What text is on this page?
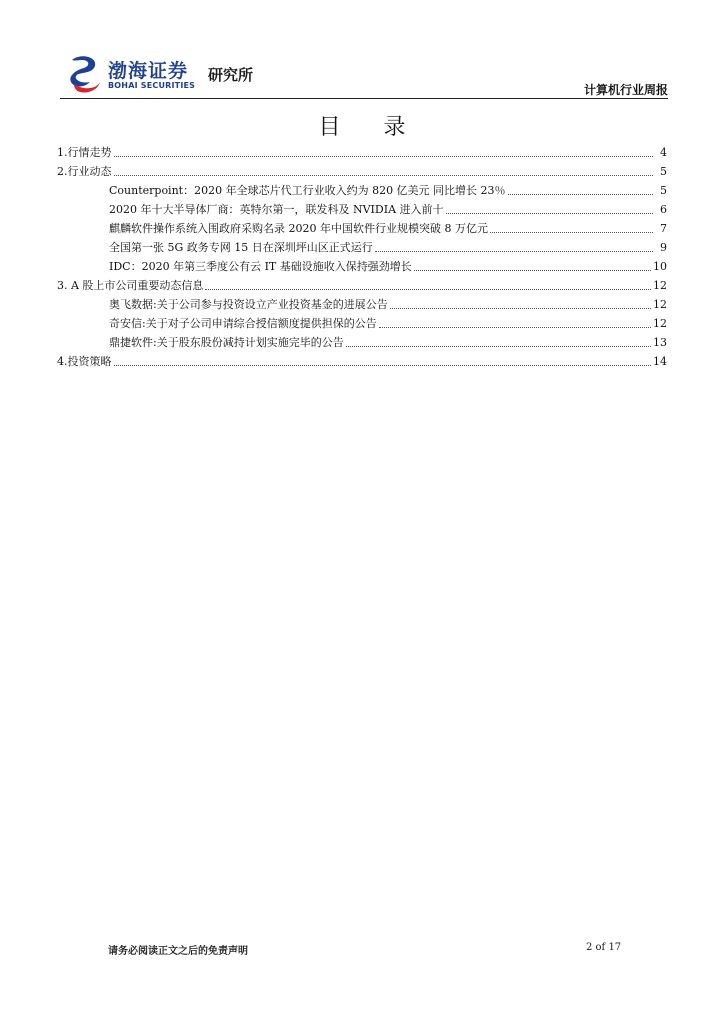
渤海证券
BOHAI SECURITIES
研究所
计算机行业周报
目 录
1.行情走势	4
2.行业动态	5
Counterpoint：2020 年全球芯片代工行业收入约为 820 亿美元 同比增长 23％	5
2020 年十大半导体厂商：英特尔第一，联发科及 NVIDIA 进入前十	6
麒麟软件操作系统入围政府采购名录 2020 年中国软件行业规模突破 8 万亿元	7
全国第一张 5G 政务专网 15 日在深圳坪山区正式运行	9
IDC：2020 年第三季度公有云 IT 基础设施收入保持强劲增长	10
3. A 股上市公司重要动态信息	12
奥飞数据:关于公司参与投资设立产业投资基金的进展公告	12
奇安信:关于对子公司申请综合授信额度提供担保的公告	12
鼎捷软件:关于股东股份减持计划实施完毕的公告	13
4.投资策略	14
请务必阅读正文之后的免责声明	2 of 17
